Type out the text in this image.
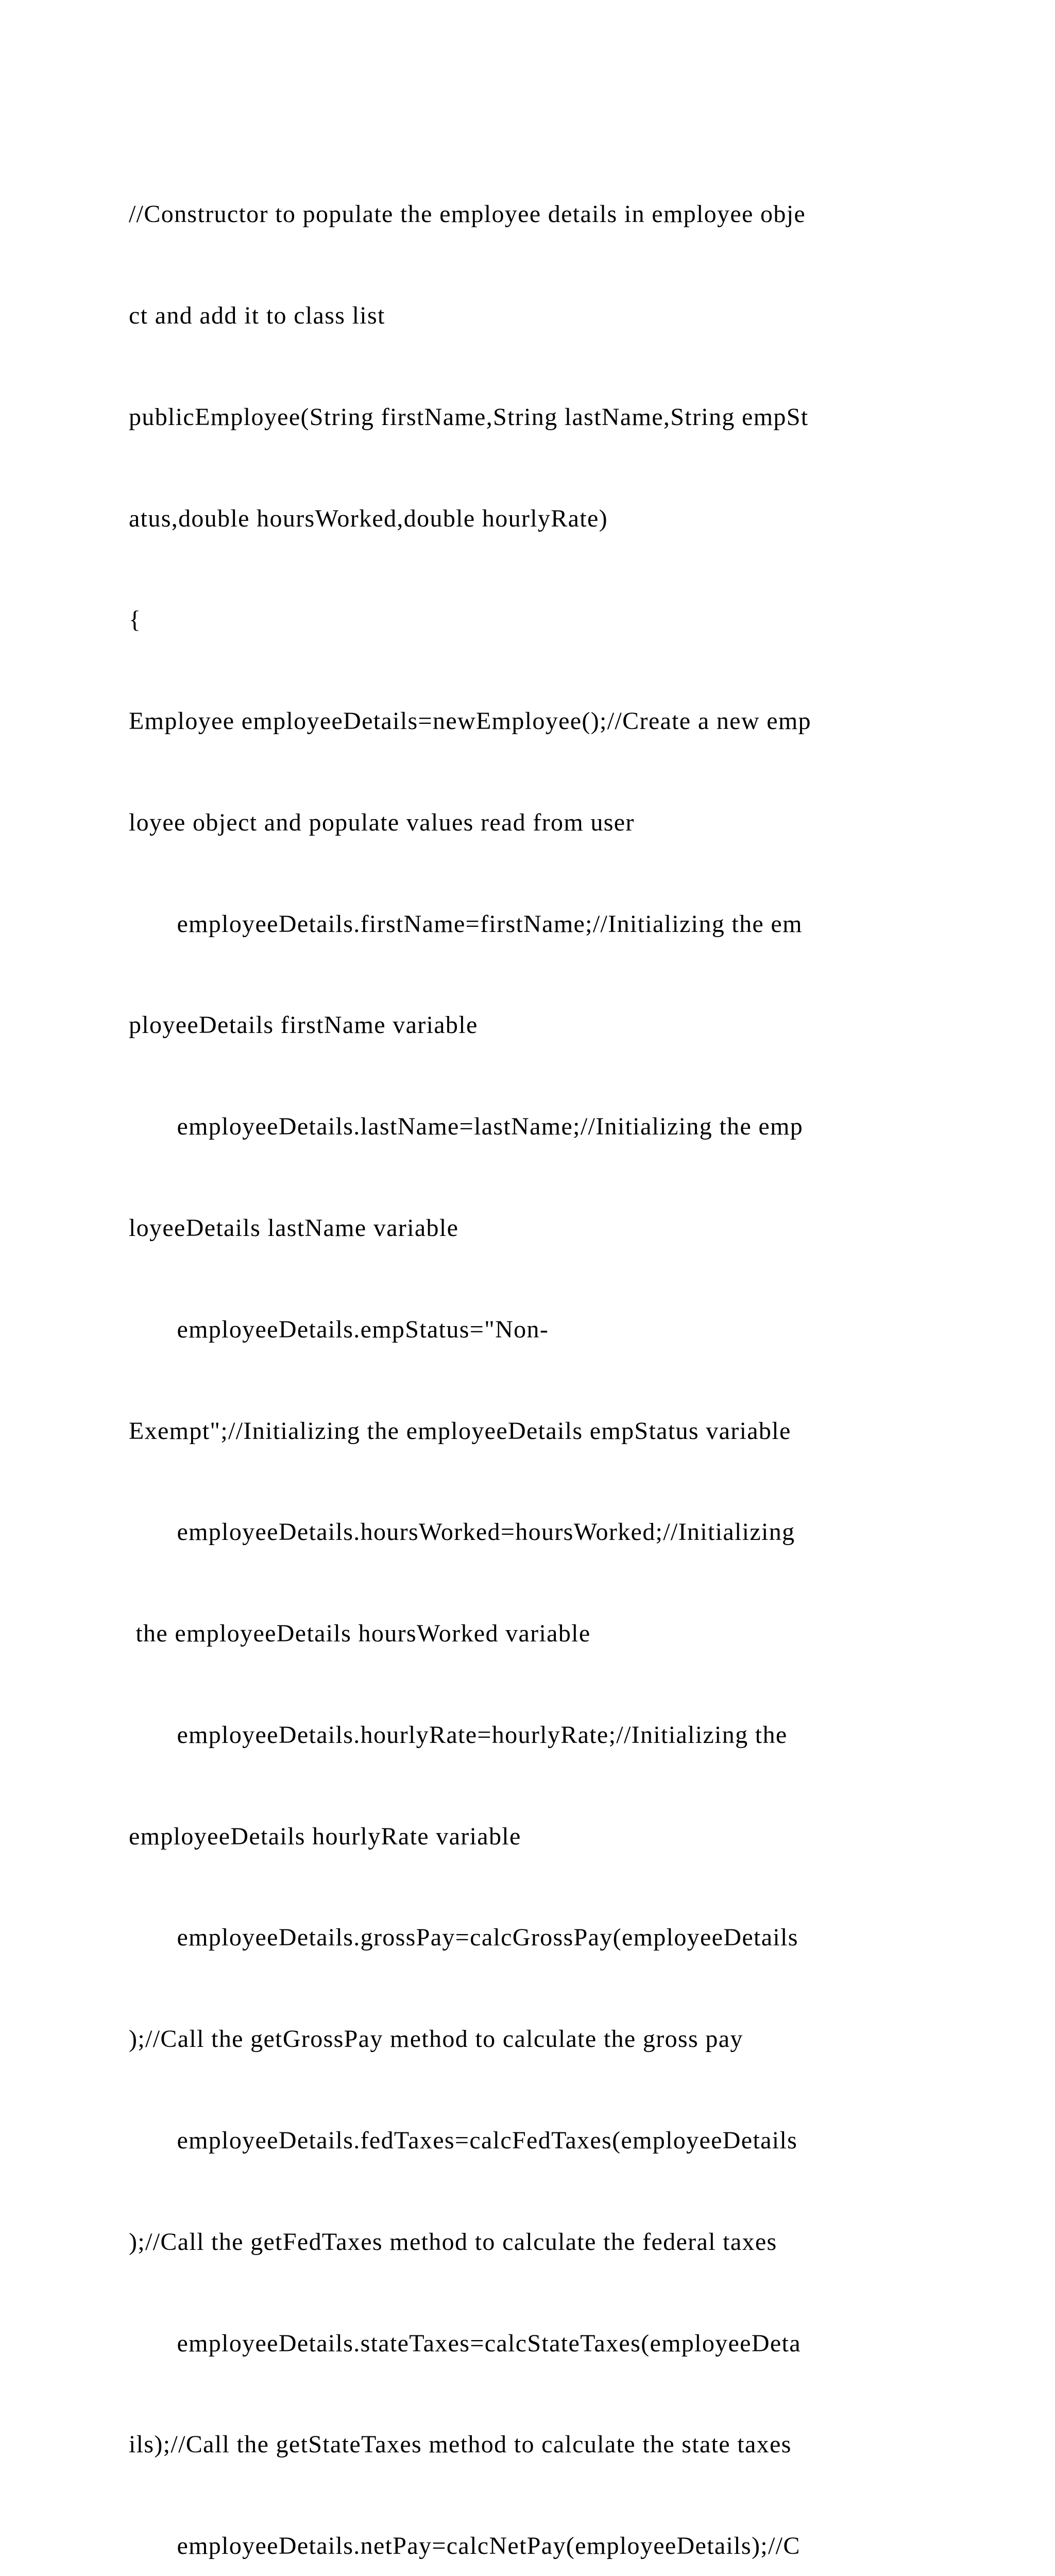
//Constructor to populate the employee details in employee obje

ct and add it to class list

publicEmployee(String firstName,String lastName,String empSt

atus,double hoursWorked,double hourlyRate)

{

Employee employeeDetails=newEmployee();//Create a new emp

loyee object and populate values read from user

employeeDetails.firstName=firstName;//Initializing the em

ployeeDetails firstName variable

employeeDetails.lastName=lastName;//Initializing the emp

loyeeDetails lastName variable

employeeDetails.empStatus="Non-

Exempt";//Initializing the employeeDetails empStatus variable

employeeDetails.hoursWorked=hoursWorked;//Initializing

the employeeDetails hoursWorked variable

employeeDetails.hourlyRate=hourlyRate;//Initializing the

employeeDetails hourlyRate variable

employeeDetails.grossPay=calcGrossPay(employeeDetails

);//Call the getGrossPay method to calculate the gross pay

employeeDetails.fedTaxes=calcFedTaxes(employeeDetails

);//Call the getFedTaxes method to calculate the federal taxes

employeeDetails.stateTaxes=calcStateTaxes(employeeDeta

ils);//Call the getStateTaxes method to calculate the state taxes

employeeDetails.netPay=calcNetPay(employeeDetails);//C
